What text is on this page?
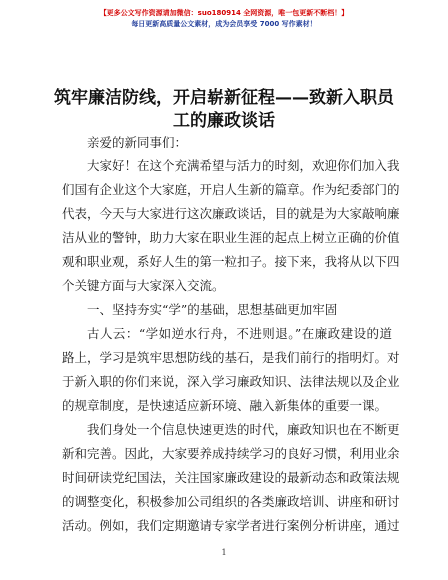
【更多公文写作资源请加微信：suo180914 全网资源，唯一包更新不断档！】
每日更新高质量公文素材，成为会员享受 7000 写作素材！
筑牢廉洁防线，开启崭新征程——致新入职员
工的廉政谈话
亲爱的新同事们：
大家好！在这个充满希望与活力的时刻，欢迎你们加入我
们国有企业这个大家庭，开启人生新的篇章。作为纪委部门的
代表，今天与大家进行这次廉政谈话，目的就是为大家敲响廉
洁从业的警钟，助力大家在职业生涯的起点上树立正确的价值
观和职业观，系好人生的第一粒扣子。接下来，我将从以下四
个关键方面与大家深入交流。
一、坚持夯实“学”的基础，思想基础更加牢固
古人云：“学如逆水行舟，不进则退。”在廉政建设的道
路上，学习是筑牢思想防线的基石，是我们前行的指明灯。对
于新入职的你们来说，深入学习廉政知识、法律法规以及企业
的规章制度，是快速适应新环境、融入新集体的重要一课。
我们身处一个信息快速更迭的时代，廉政知识也在不断更
新和完善。因此，大家要养成持续学习的良好习惯，利用业余
时间研读党纪国法，关注国家廉政建设的最新动态和政策法规
的调整变化，积极参加公司组织的各类廉政培训、讲座和研讨
活动。例如，我们定期邀请专家学者进行案例分析讲座，通过
1
